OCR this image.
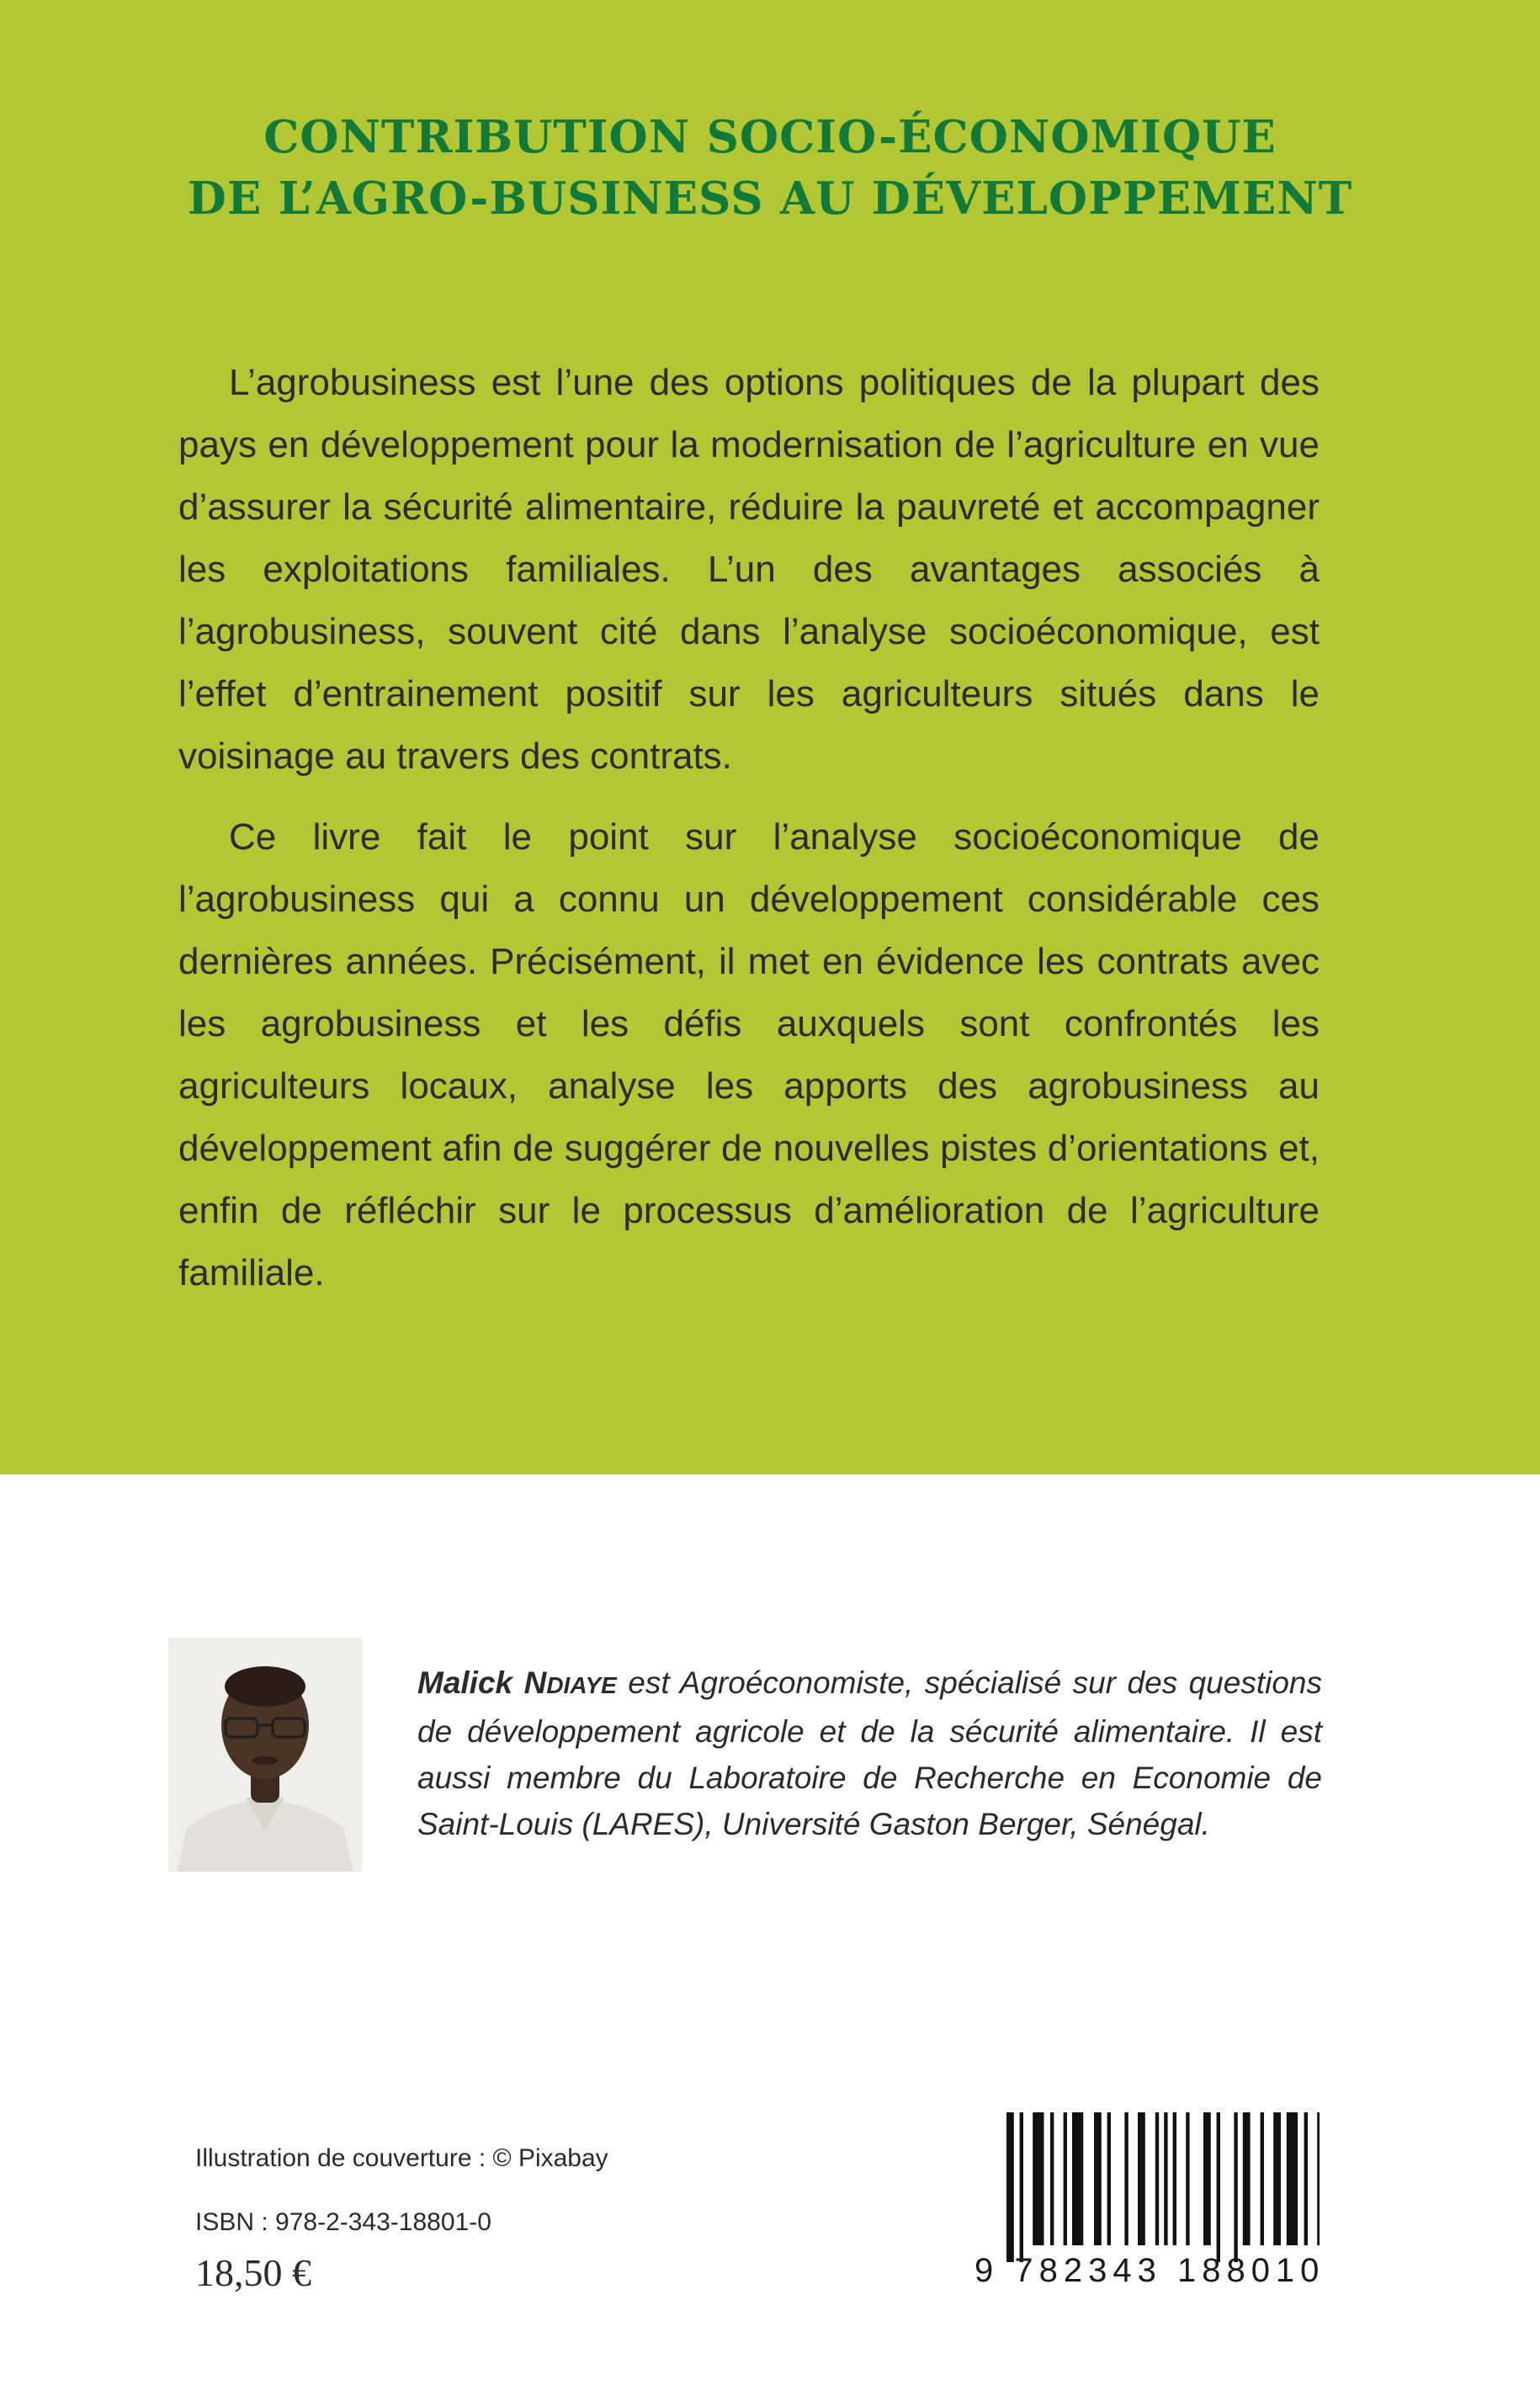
CONTRIBUTION SOCIO-ÉCONOMIQUE
DE L’AGRO-BUSINESS AU DÉVELOPPEMENT

L’agrobusiness est l’une des options politiques de la plupart des pays en développement pour la modernisation de l’agriculture en vue d’assurer la sécurité alimentaire, réduire la pauvreté et accompagner les exploitations familiales. L’un des avantages associés à l’agrobusiness, souvent cité dans l’analyse socioéconomique, est l’effet d’entrainement positif sur les agriculteurs situés dans le voisinage au travers des contrats.

Ce livre fait le point sur l’analyse socioéconomique de l’agrobusiness qui a connu un développement considérable ces dernières années. Précisément, il met en évidence les contrats avec les agrobusiness et les défis auxquels sont confrontés les agriculteurs locaux, analyse les apports des agrobusiness au développement afin de suggérer de nouvelles pistes d’orientations et, enfin de réfléchir sur le processus d’amélioration de l’agriculture familiale.

Malick NDIAYE est Agroéconomiste, spécialisé sur des questions de développement agricole et de la sécurité alimentaire. Il est aussi membre du Laboratoire de Recherche en Economie de Saint-Louis (LARES), Université Gaston Berger, Sénégal.

Illustration de couverture : © Pixabay
ISBN : 978-2-343-18801-0
18,50 €	9 782343 188010
